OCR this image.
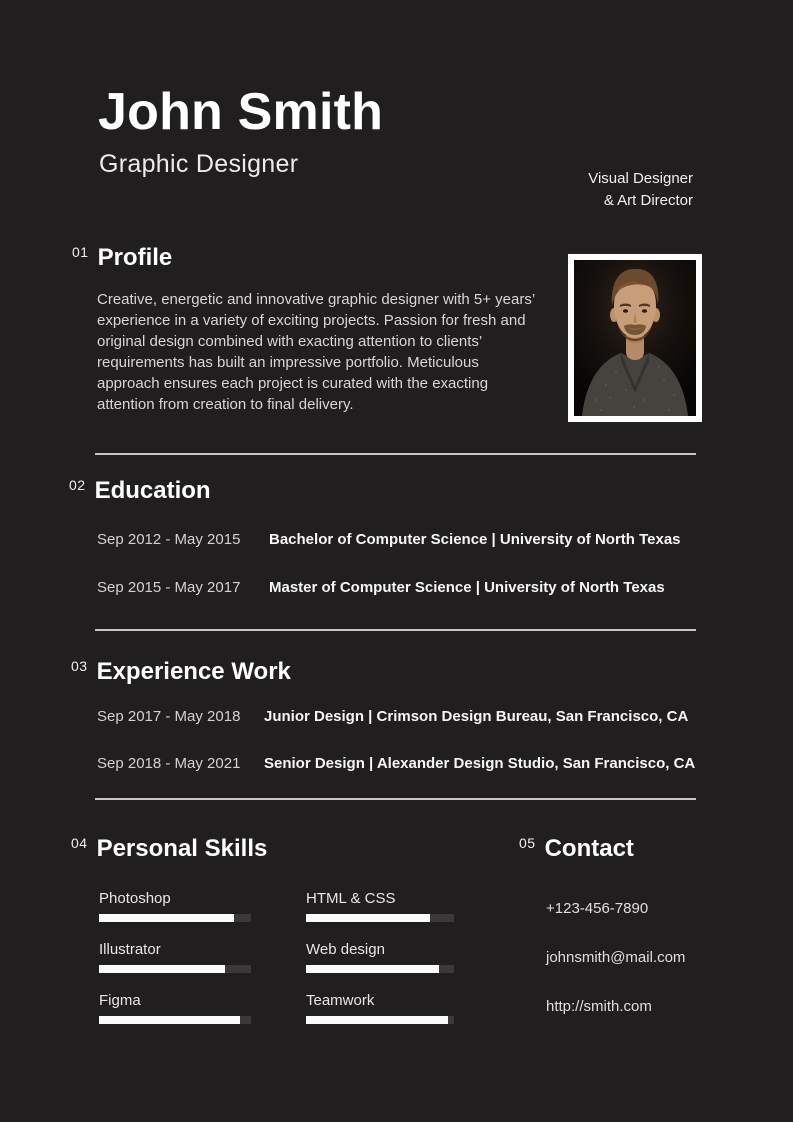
John Smith
Graphic Designer
Visual Designer
& Art Director
01 Profile
02 Education
03 Experience Work
04 Personal Skills	05 Contact
Creative, energetic and innovative graphic designer with 5+ years’ experience in a variety of exciting projects. Passion for fresh and original design combined with exacting attention to clients’ requirements has built an impressive portfolio. Meticulous approach ensures each project is curated with the exacting attention from creation to final delivery.
Sep 2012 - May 2015	Bachelor of Computer Science | University of North Texas
Sep 2015 - May 2017	Master of Computer Science | University of North Texas
Sep 2017 - May 2018	Junior Design | Crimson Design Bureau, San Francisco, CA
Sep 2018 - May 2021	Senior Design | Alexander Design Studio, San Francisco, CA
Photoshop	HTML & CSS
Illustrator	Web design
Figma	Teamwork
+123-456-7890
johnsmith@mail.com
http://smith.com
